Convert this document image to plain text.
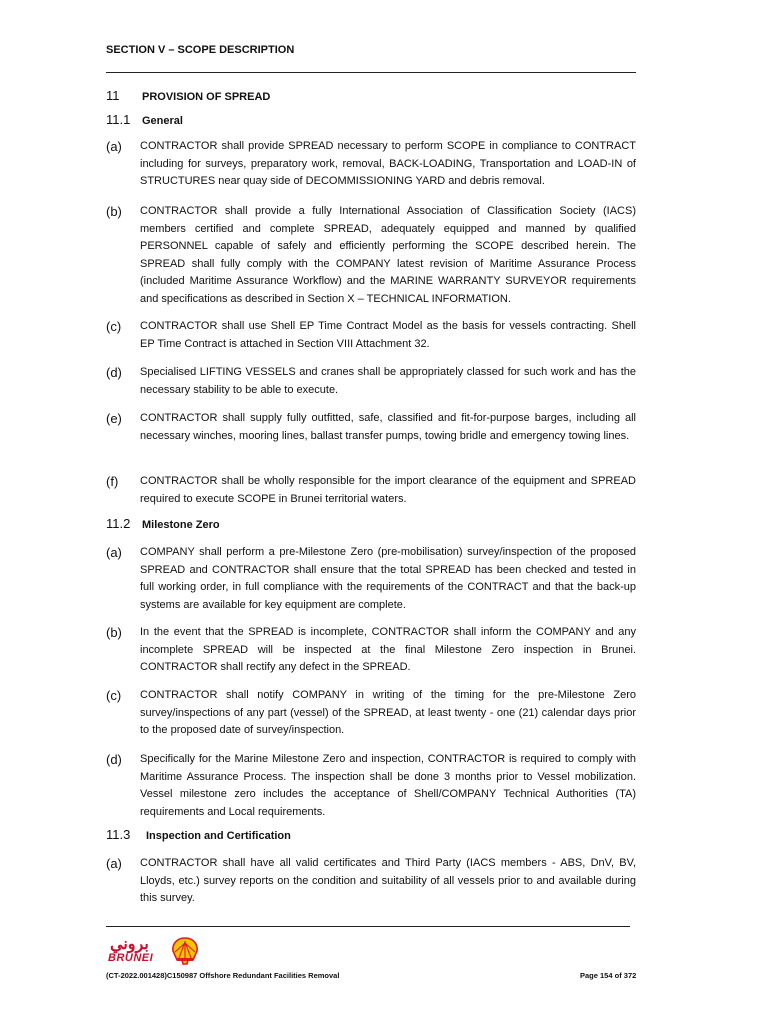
SECTION V – SCOPE DESCRIPTION
11	PROVISION OF SPREAD
11.1	General
(a)	CONTRACTOR shall provide SPREAD necessary to perform SCOPE in compliance to CONTRACT including for surveys, preparatory work, removal, BACK-LOADING, Transportation and LOAD-IN of STRUCTURES near quay side of DECOMMISSIONING YARD and debris removal.
(b)	CONTRACTOR shall provide a fully International Association of Classification Society (IACS) members certified and complete SPREAD, adequately equipped and manned by qualified PERSONNEL capable of safely and efficiently performing the SCOPE described herein. The SPREAD shall fully comply with the COMPANY latest revision of Maritime Assurance Process (included Maritime Assurance Workflow) and the MARINE WARRANTY SURVEYOR requirements and specifications as described in Section X – TECHNICAL INFORMATION.
(c)	CONTRACTOR shall use Shell EP Time Contract Model as the basis for vessels contracting. Shell EP Time Contract is attached in Section VIII Attachment 32.
(d)	Specialised LIFTING VESSELS and cranes shall be appropriately classed for such work and has the necessary stability to be able to execute.
(e)	CONTRACTOR shall supply fully outfitted, safe, classified and fit-for-purpose barges, including all necessary winches, mooring lines, ballast transfer pumps, towing bridle and emergency towing lines.
(f)	CONTRACTOR shall be wholly responsible for the import clearance of the equipment and SPREAD required to execute SCOPE in Brunei territorial waters.
11.2	Milestone Zero
(a)	COMPANY shall perform a pre-Milestone Zero (pre-mobilisation) survey/inspection of the proposed SPREAD and CONTRACTOR shall ensure that the total SPREAD has been checked and tested in full working order, in full compliance with the requirements of the CONTRACT and that the back-up systems are available for key equipment are complete.
(b)	In the event that the SPREAD is incomplete, CONTRACTOR shall inform the COMPANY and any incomplete SPREAD will be inspected at the final Milestone Zero inspection in Brunei. CONTRACTOR shall rectify any defect in the SPREAD.
(c)	CONTRACTOR shall notify COMPANY in writing of the timing for the pre-Milestone Zero survey/inspections of any part (vessel) of the SPREAD, at least twenty - one (21) calendar days prior to the proposed date of survey/inspection.
(d)	Specifically for the Marine Milestone Zero and inspection, CONTRACTOR is required to comply with Maritime Assurance Process. The inspection shall be done 3 months prior to Vessel mobilization. Vessel milestone zero includes the acceptance of Shell/COMPANY Technical Authorities (TA) requirements and Local requirements.
11.3	Inspection and Certification
(a)	CONTRACTOR shall have all valid certificates and Third Party (IACS members - ABS, DnV, BV, Lloyds, etc.) survey reports on the condition and suitability of all vessels prior to and available during this survey.
بروني
BRUNEI
(CT-2022.001428)C150987 Offshore Redundant Facilities Removal	Page 154 of 372
